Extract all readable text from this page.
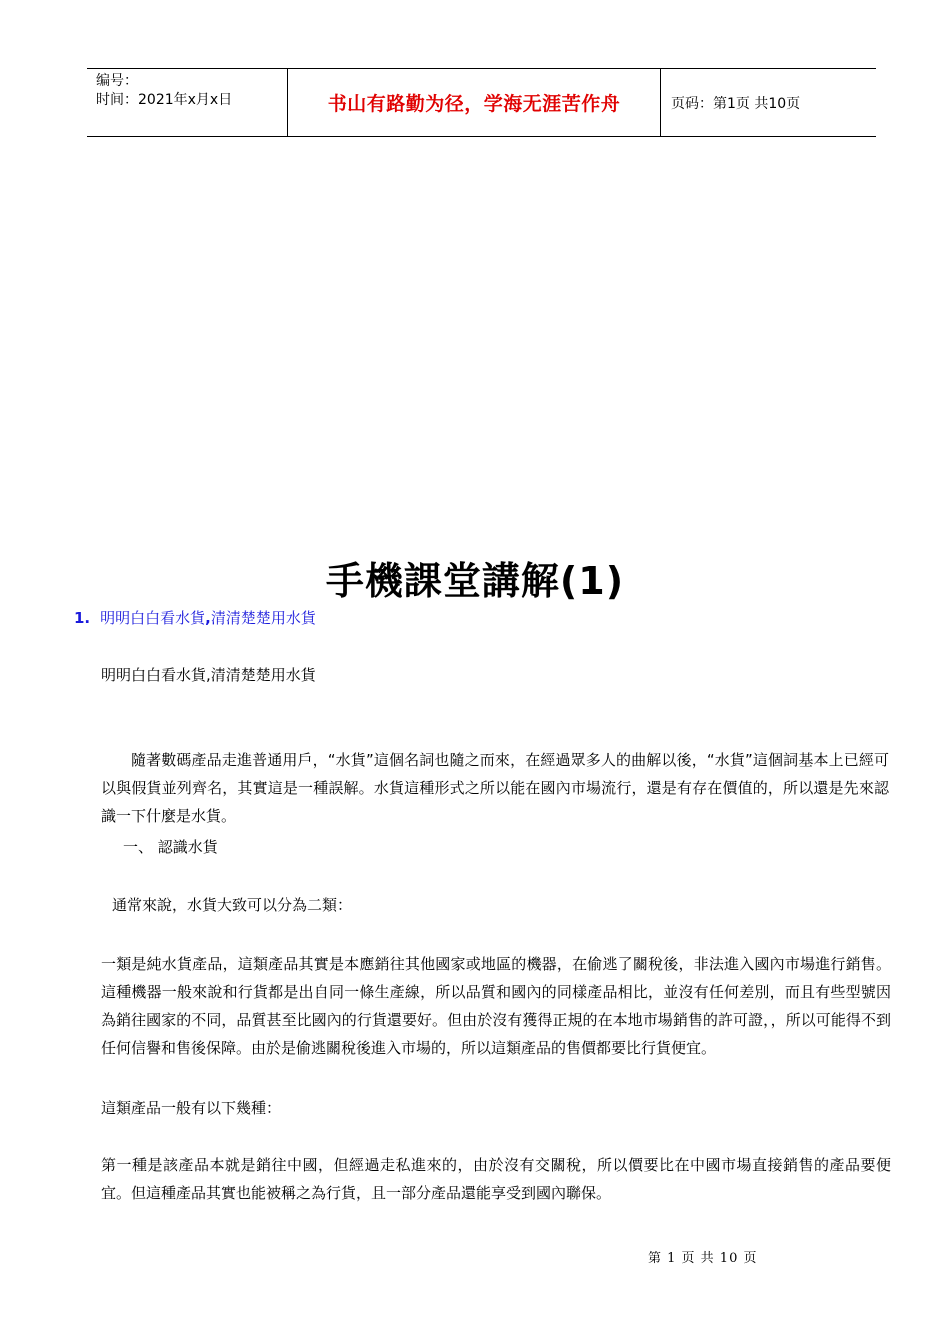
编号：
时间：2021年x月x日	书山有路勤为径，学海无涯苦作舟	页码：第1页 共10页
手機課堂講解(1)
1. 明明白白看水貨,清清楚楚用水貨

明明白白看水貨,清清楚楚用水貨

隨著數碼產品走進普通用戶，“水貨”這個名詞也隨之而來，在經過眾多人的曲解以後，“水貨”這個詞基本上已經可以與假貨並列齊名，其實這是一種誤解。水貨這種形式之所以能在國內市場流行，還是有存在價值的，所以還是先來認識一下什麼是水貨。

一、 認識水貨

通常來說，水貨大致可以分為二類：

一類是純水貨產品，這類產品其實是本應銷往其他國家或地區的機器，在偷逃了關稅後，非法進入國內市場進行銷售。 這種機器一般來說和行貨都是出自同一條生產線，所以品質和國內的同樣產品相比，並沒有任何差別，而且有些型號因為銷往國家的不同，品質甚至比國內的行貨還要好。但由於沒有獲得正規的在本地市場銷售的許可證，，所以可能得不到任何信譽和售後保障。由於是偷逃關稅後進入市場的，所以這類產品的售價都要比行貨便宜。

這類產品一般有以下幾種：

第一種是該產品本就是銷往中國，但經過走私進來的，由於沒有交關稅，所以價要比在中國市場直接銷售的產品要便宜。但這種產品其實也能被稱之為行貨，且一部分產品還能享受到國內聯保。

第 1 页 共 10 页
